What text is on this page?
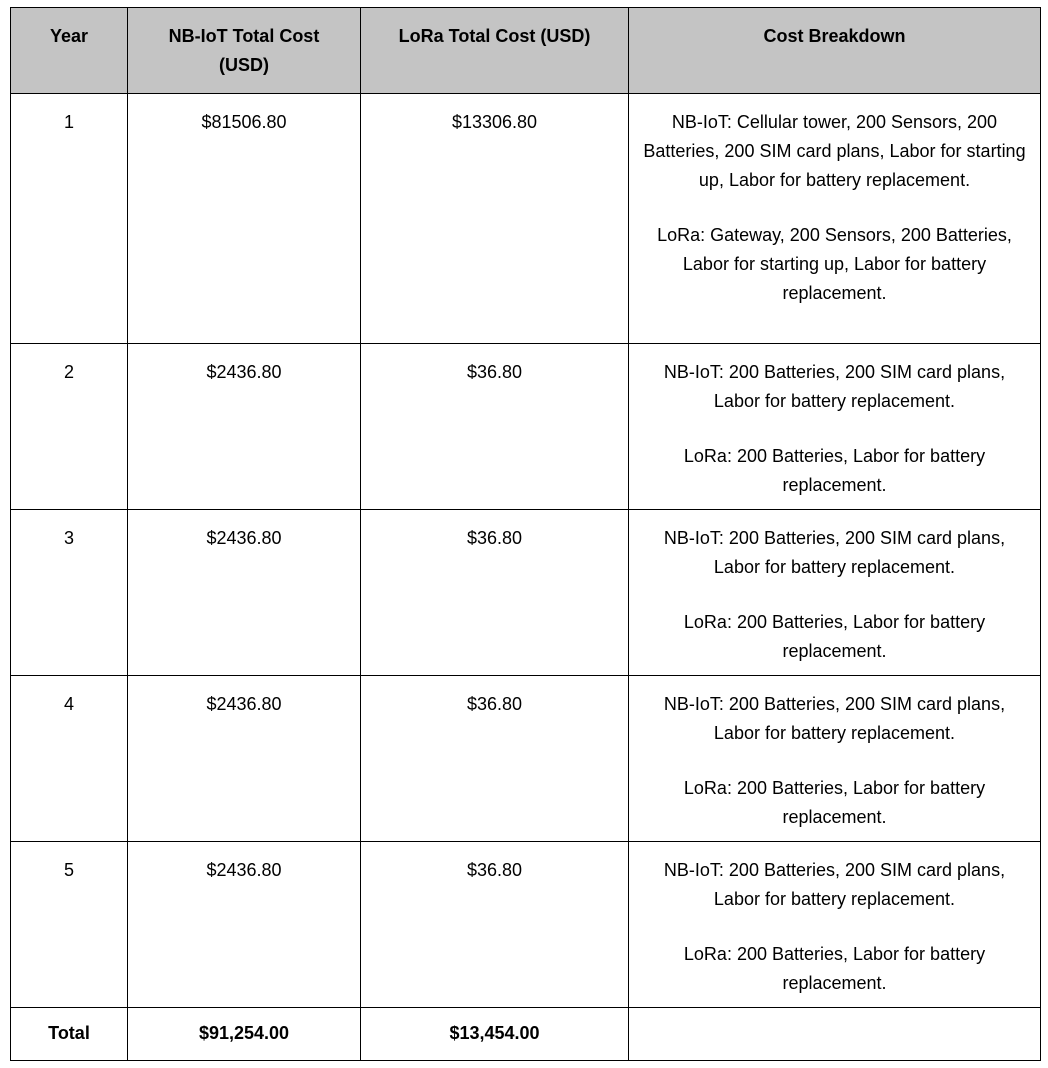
Year	NB-IoT Total Cost (USD)	LoRa Total Cost (USD)	Cost Breakdown
1	$81506.80	$13306.80	NB-IoT: Cellular tower, 200 Sensors, 200 Batteries, 200 SIM card plans, Labor for starting up, Labor for battery replacement.

LoRa: Gateway, 200 Sensors, 200 Batteries, Labor for starting up, Labor for battery replacement.

2	$2436.80	$36.80	NB-IoT: 200 Batteries, 200 SIM card plans, Labor for battery replacement.

LoRa: 200 Batteries, Labor for battery replacement.

3	$2436.80	$36.80	NB-IoT: 200 Batteries, 200 SIM card plans, Labor for battery replacement.

LoRa: 200 Batteries, Labor for battery replacement.

4	$2436.80	$36.80	NB-IoT: 200 Batteries, 200 SIM card plans, Labor for battery replacement.

LoRa: 200 Batteries, Labor for battery replacement.

5	$2436.80	$36.80	NB-IoT: 200 Batteries, 200 SIM card plans, Labor for battery replacement.

LoRa: 200 Batteries, Labor for battery replacement.

Total	$91,254.00	$13,454.00	
